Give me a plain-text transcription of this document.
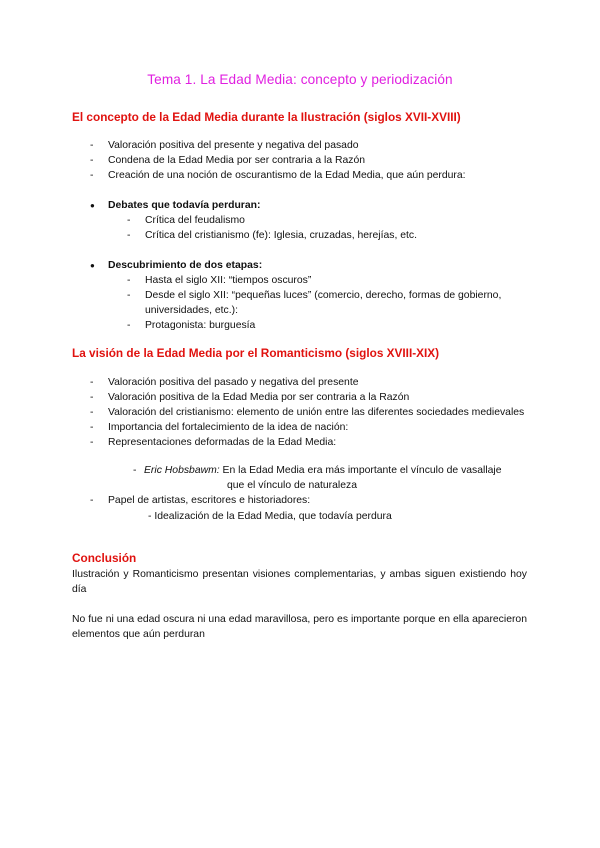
Tema 1. La Edad Media: concepto y periodización
El concepto de la Edad Media durante la Ilustración (siglos XVII-XVIII)
- Valoración positiva del presente y negativa del pasado
- Condena de la Edad Media por ser contraria a la Razón
- Creación de una noción de oscurantismo de la Edad Media, que aún perdura:
● Debates que todavía perduran:
- Crítica del feudalismo
- Crítica del cristianismo (fe): Iglesia, cruzadas, herejías, etc.
● Descubrimiento de dos etapas:
- Hasta el siglo XII: “tiempos oscuros”
- Desde el siglo XII: “pequeñas luces” (comercio, derecho, formas de gobierno, universidades, etc.):
- Protagonista: burguesía
La visión de la Edad Media por el Romanticismo (siglos XVIII-XIX)
- Valoración positiva del pasado y negativa del presente
- Valoración positiva de la Edad Media por ser contraria a la Razón
- Valoración del cristianismo: elemento de unión entre las diferentes sociedades medievales
- Importancia del fortalecimiento de la idea de nación:
- Representaciones deformadas de la Edad Media:
- Eric Hobsbawm: En la Edad Media era más importante el vínculo de vasallaje
que el vínculo de naturaleza
- Papel de artistas, escritores e historiadores:
- Idealización de la Edad Media, que todavía perdura
Conclusión
Ilustración y Romanticismo presentan visiones complementarias, y ambas siguen existiendo hoy día
No fue ni una edad oscura ni una edad maravillosa, pero es importante porque en ella aparecieron elementos que aún perduran
